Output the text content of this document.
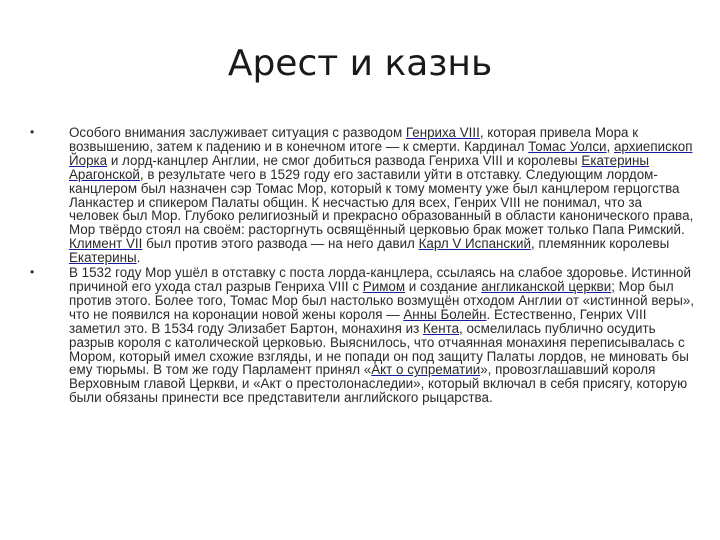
Арест и казнь
•	Особого внимания заслуживает ситуация с разводом Генриха VIII, которая привела Мора к возвышению, затем к падению и в конечном итоге — к смерти. Кардинал Томас Уолси, архиепископ Йорка и лорд-канцлер Англии, не смог добиться развода Генриха VIII и королевы Екатерины Арагонской, в результате чего в 1529 году его заставили уйти в отставку. Следующим лордом-канцлером был назначен сэр Томас Мор, который к тому моменту уже был канцлером герцогства Ланкастер и спикером Палаты общин. К несчастью для всех, Генрих VIII не понимал, что за человек был Мор. Глубоко религиозный и прекрасно образованный в области канонического права, Мор твёрдо стоял на своём: расторгнуть освящённый церковью брак может только Папа Римский. Климент VII был против этого развода — на него давил Карл V Испанский, племянник королевы Екатерины.
•	В 1532 году Мор ушёл в отставку с поста лорда-канцлера, ссылаясь на слабое здоровье. Истинной причиной его ухода стал разрыв Генриха VIII с Римом и создание англиканской церкви; Мор был против этого. Более того, Томас Мор был настолько возмущён отходом Англии от «истинной веры», что не появился на коронации новой жены короля — Анны Болейн. Естественно, Генрих VIII заметил это. В 1534 году Элизабет Бартон, монахиня из Кента, осмелилась публично осудить разрыв короля с католической церковью. Выяснилось, что отчаянная монахиня переписывалась с Мором, который имел схожие взгляды, и не попади он под защиту Палаты лордов, не миновать бы ему тюрьмы. В том же году Парламент принял «Акт о супрематии», провозглашавший короля Верховным главой Церкви, и «Акт о престолонаследии», который включал в себя присягу, которую были обязаны принести все представители английского рыцарства.
